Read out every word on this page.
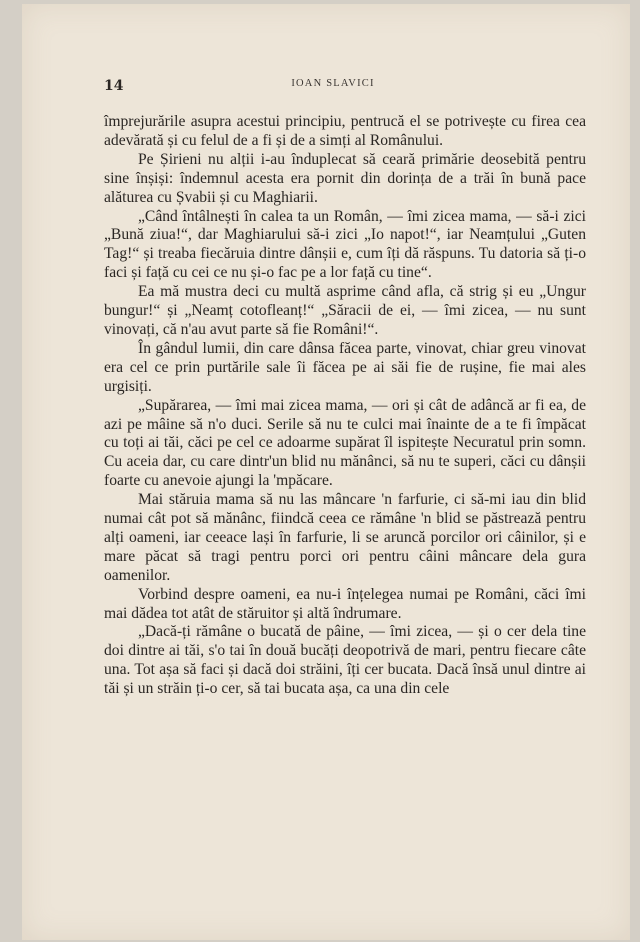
14	IOAN SLAVICI

împrejurările asupra acestui principiu, pentrucă el se potrivește cu firea cea adevărată și cu felul de a fi și de a simți al Românului.

Pe Șirieni nu alții i-au înduplecat să ceară primărie deosebită pentru sine înșiși: îndemnul acesta era pornit din dorința de a trăi în bună pace alăturea cu Șvabii și cu Maghiarii.

„Când întâlnești în calea ta un Român, — îmi zicea mama, — să-i zici „Bună ziua!“, dar Maghiarului să-i zici „Io napot!“, iar Neamțului „Guten Tag!“ și treaba fiecăruia dintre dânșii e, cum îți dă răspuns. Tu datoria să ți-o faci și față cu cei ce nu și-o fac pe a lor față cu tine“.

Ea mă mustra deci cu multă asprime când afla, că strig și eu „Ungur bungur!“ și „Neamț cotofleanț!“ „Săracii de ei, — îmi zicea, — nu sunt vinovați, că n'au avut parte să fie Români!“.

În gândul lumii, din care dânsa făcea parte, vinovat, chiar greu vinovat era cel ce prin purtările sale îi făcea pe ai săi fie de rușine, fie mai ales urgisiți.

„Supărarea, — îmi mai zicea mama, — ori și cât de adâncă ar fi ea, de azi pe mâine să n'o duci. Serile să nu te culci mai înainte de a te fi împăcat cu toți ai tăi, căci pe cel ce adoarme supărat îl ispitește Necuratul prin somn. Cu aceia dar, cu care dintr'un blid nu mănânci, să nu te superi, căci cu dânșii foarte cu anevoie ajungi la 'mpăcare.

Mai stăruia mama să nu las mâncare 'n farfurie, ci să-mi iau din blid numai cât pot să mănânc, fiindcă ceea ce rămâne 'n blid se păstrează pentru alți oameni, iar ceeace lași în farfurie, li se aruncă porcilor ori câinilor, și e mare păcat să tragi pentru porci ori pentru câini mâncare dela gura oamenilor.

Vorbind despre oameni, ea nu-i înțelegea numai pe Români, căci îmi mai dădea tot atât de stăruitor și altă îndrumare.

„Dacă-ți rămâne o bucată de pâine, — îmi zicea, — și o cer dela tine doi dintre ai tăi, s'o tai în două bucăți deopotrivă de mari, pentru fiecare câte una. Tot așa să faci și dacă doi străini, îți cer bucata. Dacă însă unul dintre ai tăi și un străin ți-o cer, să tai bucata așa, ca una din cele
